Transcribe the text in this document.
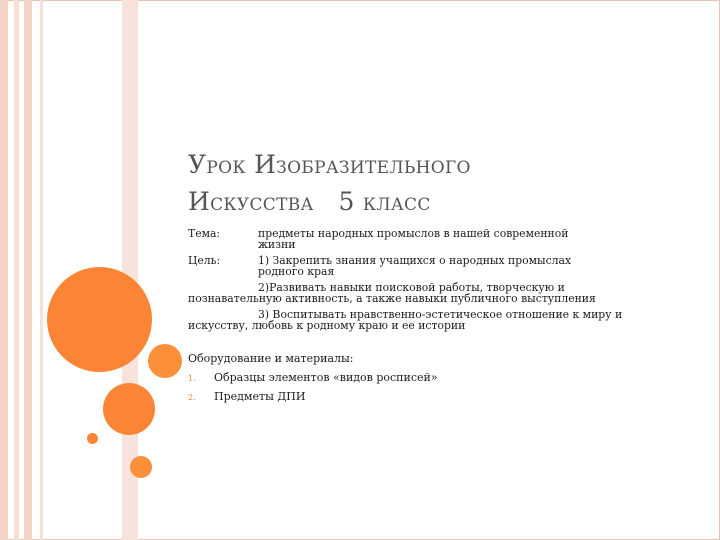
УРОК ИЗОБРАЗИТЕЛЬНОГО
ИСКУССТВА 5 КЛАСС
Тема:	предметы народных промыслов в нашей современной
жизни
Цель:	1) Закрепить знания учащихся о народных промыслах
родного края
2)Развивать навыки поисковой работы, творческую и познавательную активность, а также навыки публичного выступления
3) Воспитывать нравственно-эстетическое отношение к миру и искусству, любовь к родному краю и ее истории
Оборудование и материалы:
1. Образцы элементов «видов росписей»
2. Предметы ДПИ
